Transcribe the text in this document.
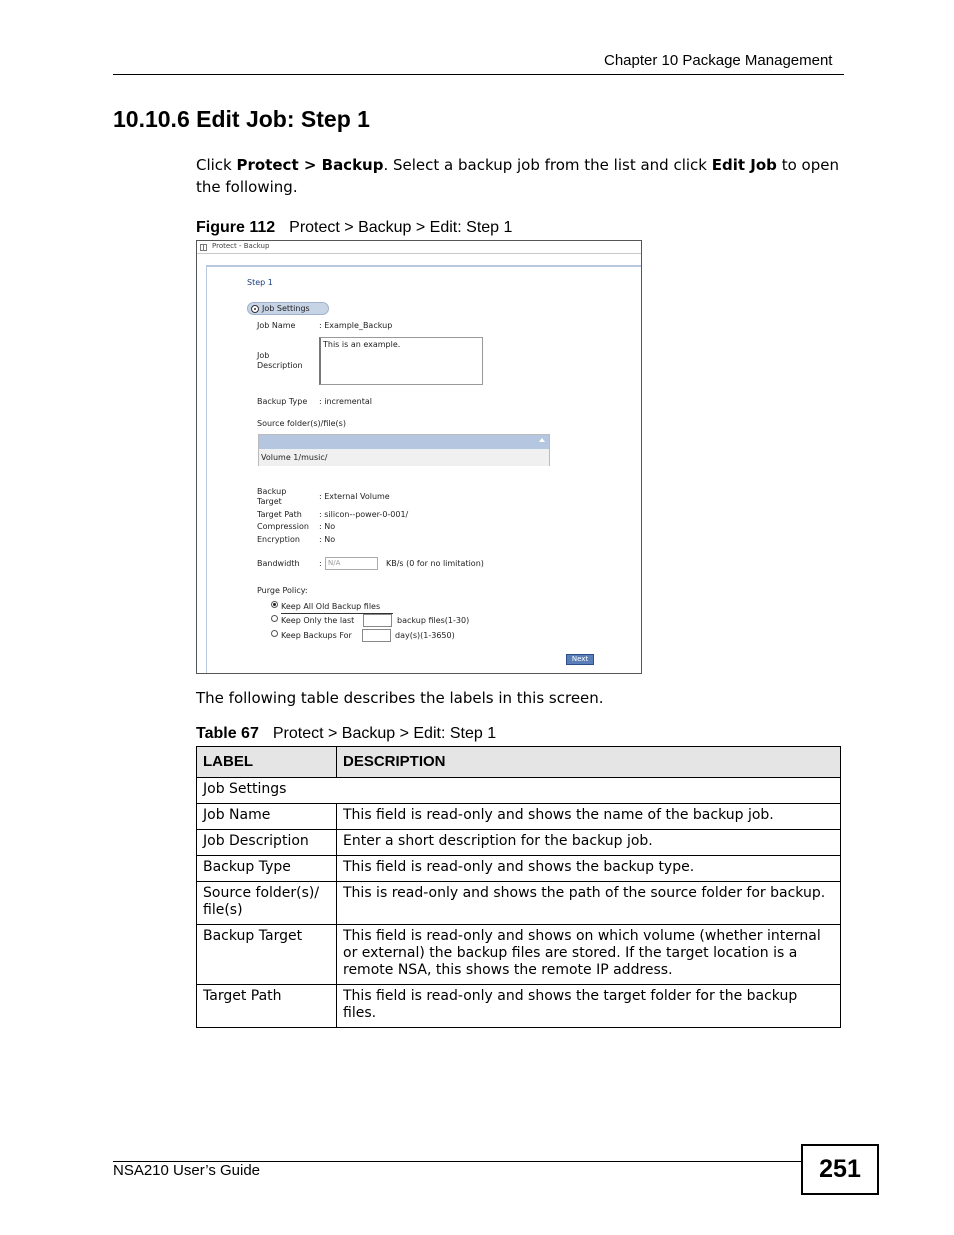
Chapter 10 Package Management
10.10.6 Edit Job: Step 1
Click Protect > Backup. Select a backup job from the list and click Edit Job to open the following.
Figure 112 Protect > Backup > Edit: Step 1
Protect - Backup
Step 1
Job Settings
Job Name	: Example_Backup
Job
Description
This is an example.
Backup Type : incremental
Source folder(s)/file(s)
Volume 1/music/
Backup
Target
: External Volume
Target Path : silicon--power-0-001/
Compression : No
Encryption : No
Bandwidth : N/A	KB/s (0 for no limitation)
Purge Policy:
Keep All Old Backup files
Keep Only the last	backup files(1-30)
Keep Backups For	day(s)(1-3650)
Next
The following table describes the labels in this screen.
Table 67 Protect > Backup > Edit: Step 1
LABEL	DESCRIPTION
Job Settings	
Job Name	This field is read-only and shows the name of the backup job.
Job Description	Enter a short description for the backup job.
Backup Type	This field is read-only and shows the backup type.
Source folder(s)/ file(s)	This is read-only and shows the path of the source folder for backup.
Backup Target	This field is read-only and shows on which volume (whether internal or external) the backup files are stored. If the target location is a remote NSA, this shows the remote IP address.
Target Path	This field is read-only and shows the target folder for the backup files.
NSA210 User’s Guide	251
